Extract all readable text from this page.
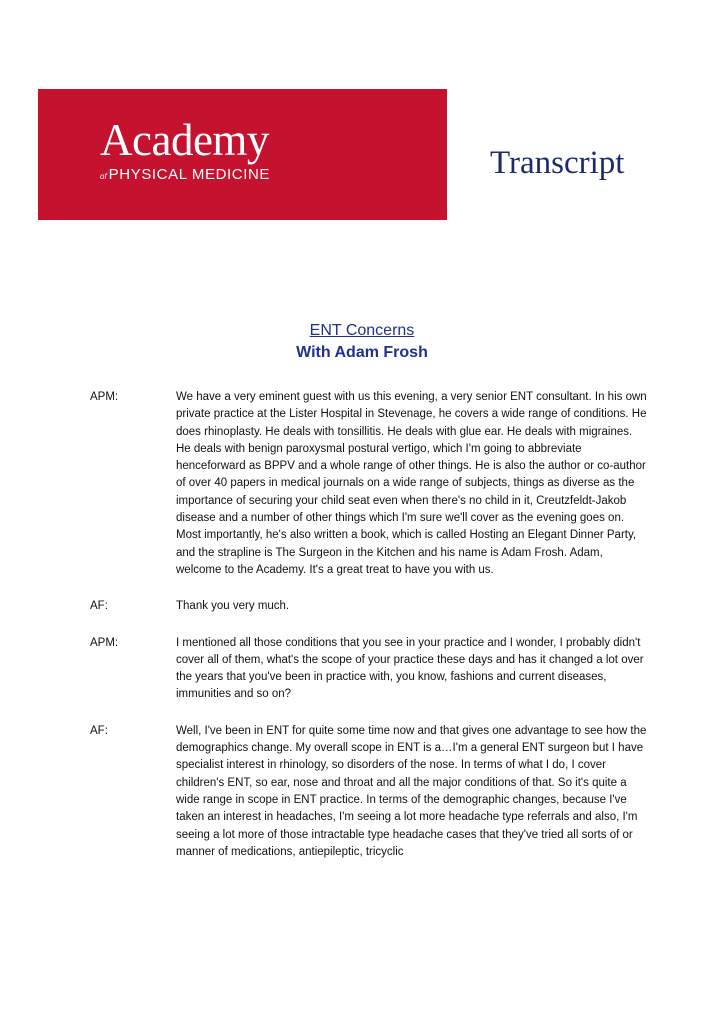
Academy
of PHYSICAL MEDICINE	Transcript
ENT Concerns
With Adam Frosh
APM:	We have a very eminent guest with us this evening, a very senior ENT consultant. In his own private practice at the Lister Hospital in Stevenage, he covers a wide range of conditions. He does rhinoplasty. He deals with tonsillitis. He deals with glue ear. He deals with migraines. He deals with benign paroxysmal postural vertigo, which I'm going to abbreviate henceforward as BPPV and a whole range of other things. He is also the author or co-author of over 40 papers in medical journals on a wide range of subjects, things as diverse as the importance of securing your child seat even when there's no child in it, Creutzfeldt-Jakob disease and a number of other things which I'm sure we'll cover as the evening goes on. Most importantly, he's also written a book, which is called Hosting an Elegant Dinner Party, and the strapline is The Surgeon in the Kitchen and his name is Adam Frosh. Adam, welcome to the Academy. It's a great treat to have you with us.

AF:	Thank you very much.

APM:	I mentioned all those conditions that you see in your practice and I wonder, I probably didn't cover all of them, what's the scope of your practice these days and has it changed a lot over the years that you've been in practice with, you know, fashions and current diseases, immunities and so on?

AF:	Well, I've been in ENT for quite some time now and that gives one advantage to see how the demographics change. My overall scope in ENT is a…I'm a general ENT surgeon but I have specialist interest in rhinology, so disorders of the nose. In terms of what I do, I cover children's ENT, so ear, nose and throat and all the major conditions of that. So it's quite a wide range in scope in ENT practice. In terms of the demographic changes, because I've taken an interest in headaches, I'm seeing a lot more headache type referrals and also, I'm seeing a lot more of those intractable type headache cases that they've tried all sorts of or manner of medications, antiepileptic, tricyclic
